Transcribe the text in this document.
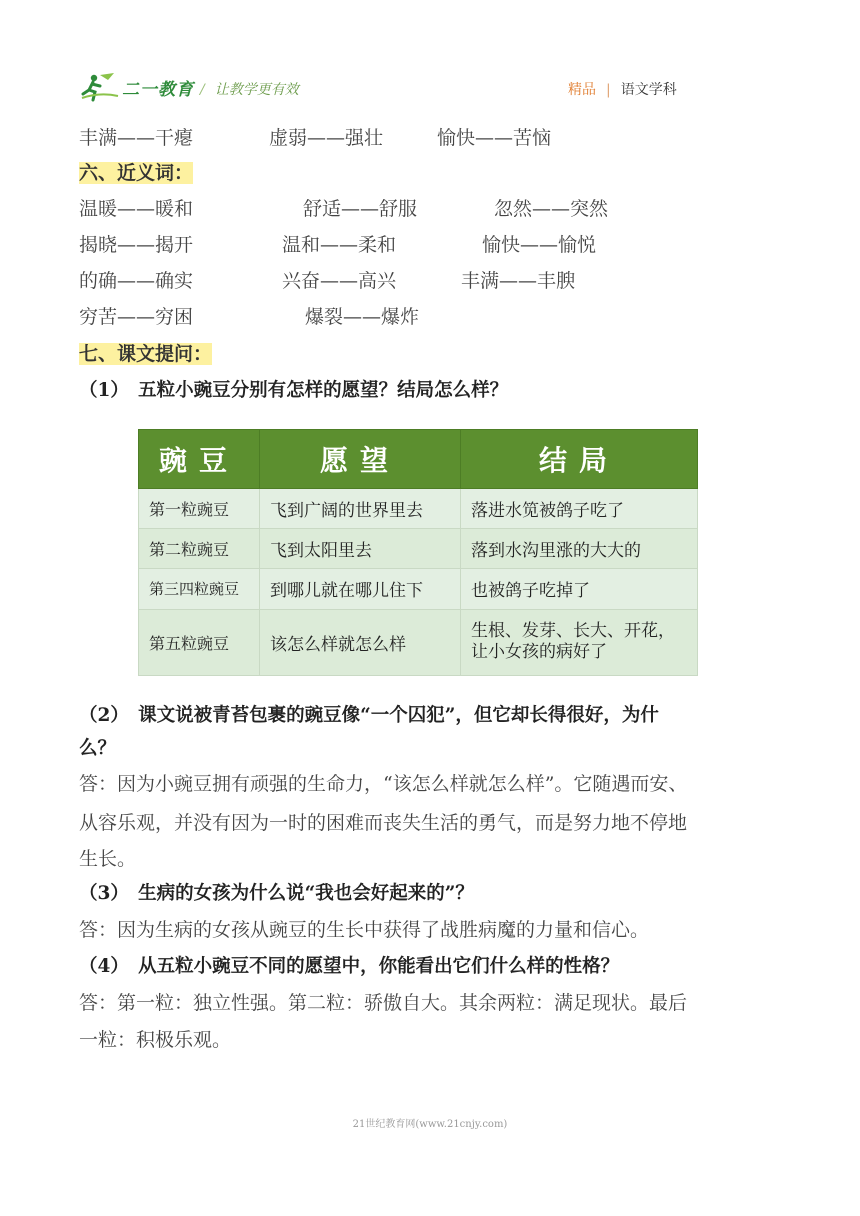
二一教育 / 让教学更有效	精品 | 语文学科
丰满——干瘪	虚弱——强壮	愉快——苦恼
六、近义词：
温暖——暖和	舒适——舒服	忽然——突然
揭晓——揭开	温和——柔和	愉快——愉悦
的确——确实	兴奋——高兴	丰满——丰腴
穷苦——穷困	爆裂——爆炸
七、课文提问：
（1）　五粒小豌豆分别有怎样的愿望？结局怎么样？
豌豆	愿望	结局
第一粒豌豆	飞到广阔的世界里去	落进水笕被鸽子吃了
第二粒豌豆	飞到太阳里去	落到水沟里涨的大大的
第三四粒豌豆	到哪儿就在哪儿住下	也被鸽子吃掉了
第五粒豌豆	该怎么样就怎么样	生根、发芽、长大、开花，让小女孩的病好了
（2）　课文说被青苔包裹的豌豆像“一个囚犯”，但它却长得很好，为什
么？
答：因为小豌豆拥有顽强的生命力，“该怎么样就怎么样”。它随遇而安、
从容乐观，并没有因为一时的困难而丧失生活的勇气，而是努力地不停地
生长。
（3）　生病的女孩为什么说“我也会好起来的”？
答：因为生病的女孩从豌豆的生长中获得了战胜病魔的力量和信心。
（4）　从五粒小豌豆不同的愿望中，你能看出它们什么样的性格？
答：第一粒：独立性强。第二粒：骄傲自大。其余两粒：满足现状。最后
一粒：积极乐观。
21世纪教育网(www.21cnjy.com)
